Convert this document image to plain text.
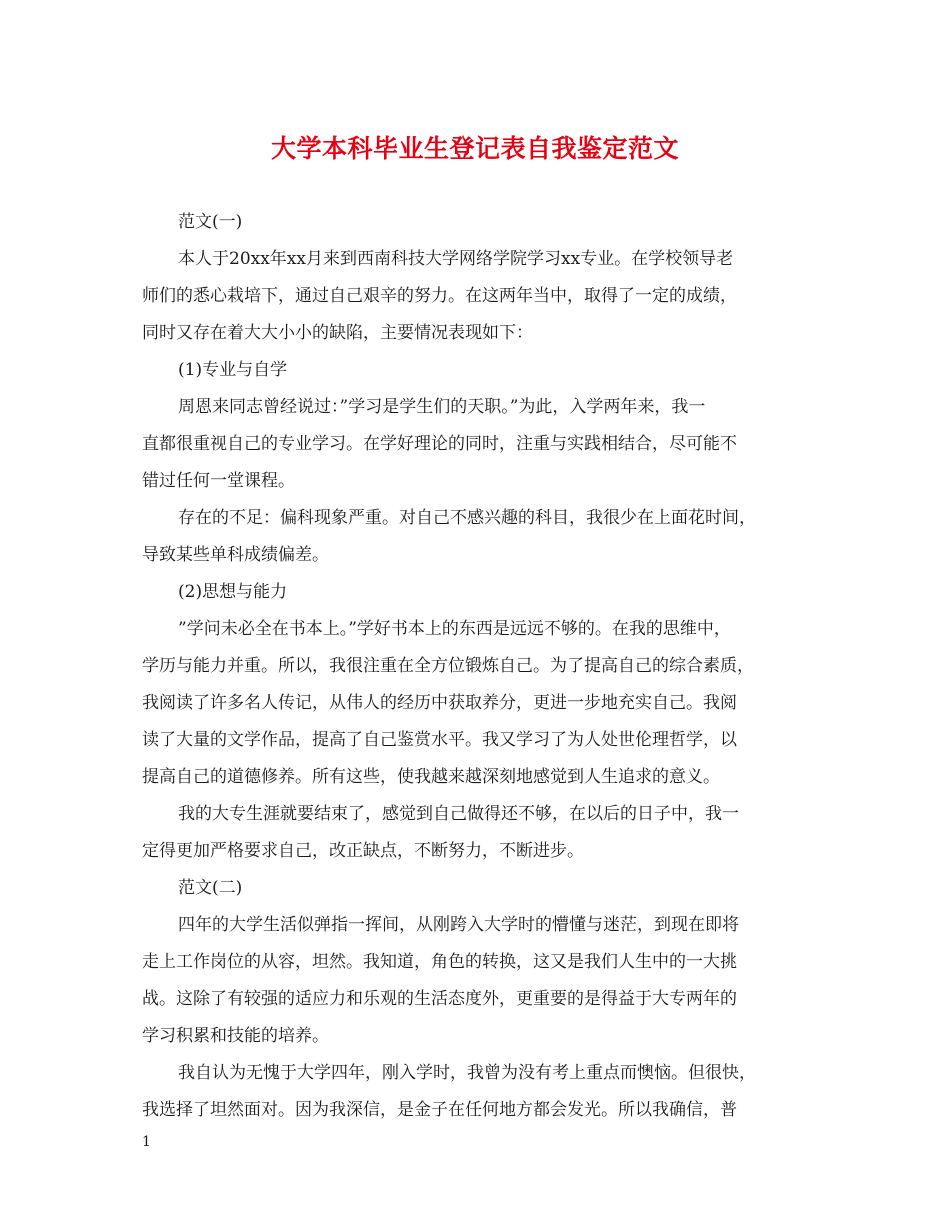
大学本科毕业生登记表自我鉴定范文
范文(一)
本人于20xx年xx月来到西南科技大学网络学院学习xx专业。在学校领导老
师们的悉心栽培下，通过自己艰辛的努力。在这两年当中，取得了一定的成绩，
同时又存在着大大小小的缺陷，主要情况表现如下：
(1)专业与自学
周恩来同志曾经说过：”学习是学生们的天职。”为此，入学两年来，我一
直都很重视自己的专业学习。在学好理论的同时，注重与实践相结合，尽可能不
错过任何一堂课程。
存在的不足：偏科现象严重。对自己不感兴趣的科目，我很少在上面花时间，
导致某些单科成绩偏差。
(2)思想与能力
”学问未必全在书本上。”学好书本上的东西是远远不够的。在我的思维中，
学历与能力并重。所以，我很注重在全方位锻炼自己。为了提高自己的综合素质，
我阅读了许多名人传记，从伟人的经历中获取养分，更进一步地充实自己。我阅
读了大量的文学作品，提高了自己鉴赏水平。我又学习了为人处世伦理哲学，以
提高自己的道德修养。所有这些，使我越来越深刻地感觉到人生追求的意义。
我的大专生涯就要结束了，感觉到自己做得还不够，在以后的日子中，我一
定得更加严格要求自己，改正缺点，不断努力，不断进步。
范文(二)
四年的大学生活似弹指一挥间，从刚跨入大学时的懵懂与迷茫，到现在即将
走上工作岗位的从容，坦然。我知道，角色的转换，这又是我们人生中的一大挑
战。这除了有较强的适应力和乐观的生活态度外，更重要的是得益于大专两年的
学习积累和技能的培养。
我自认为无愧于大学四年，刚入学时，我曾为没有考上重点而懊恼。但很快，
我选择了坦然面对。因为我深信，是金子在任何地方都会发光。所以我确信，普
1
